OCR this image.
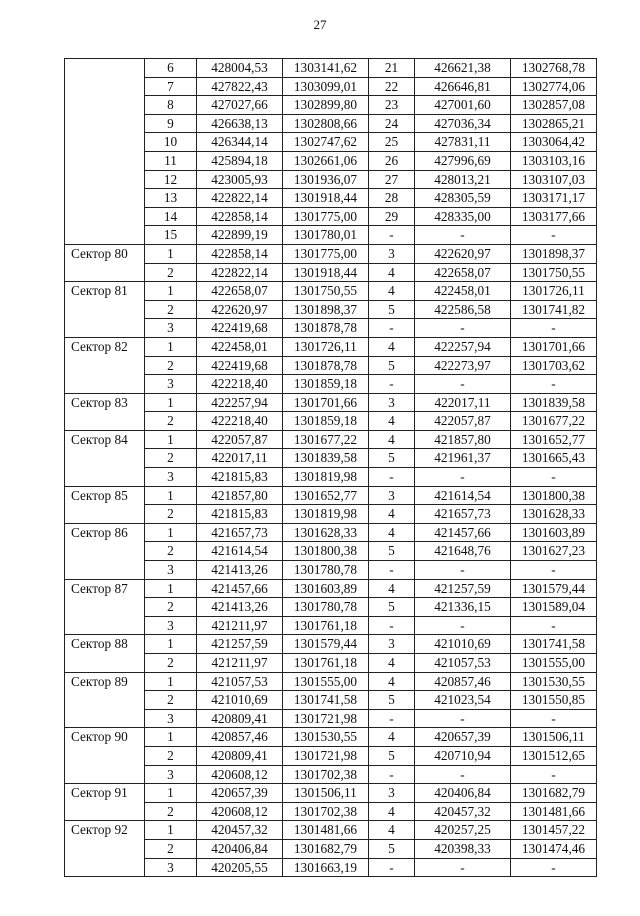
27
	6	428004,53	1303141,62	21	426621,38	1302768,78
	7	427822,43	1303099,01	22	426646,81	1302774,06
	8	427027,66	1302899,80	23	427001,60	1302857,08
	9	426638,13	1302808,66	24	427036,34	1302865,21
	10	426344,14	1302747,62	25	427831,11	1303064,42
	11	425894,18	1302661,06	26	427996,69	1303103,16
	12	423005,93	1301936,07	27	428013,21	1303107,03
	13	422822,14	1301918,44	28	428305,59	1303171,17
	14	422858,14	1301775,00	29	428335,00	1303177,66
	15	422899,19	1301780,01	-	-	-
Сектор 80	1	422858,14	1301775,00	3	422620,97	1301898,37
	2	422822,14	1301918,44	4	422658,07	1301750,55
Сектор 81	1	422658,07	1301750,55	4	422458,01	1301726,11
	2	422620,97	1301898,37	5	422586,58	1301741,82
	3	422419,68	1301878,78	-	-	-
Сектор 82	1	422458,01	1301726,11	4	422257,94	1301701,66
	2	422419,68	1301878,78	5	422273,97	1301703,62
	3	422218,40	1301859,18	-	-	-
Сектор 83	1	422257,94	1301701,66	3	422017,11	1301839,58
	2	422218,40	1301859,18	4	422057,87	1301677,22
Сектор 84	1	422057,87	1301677,22	4	421857,80	1301652,77
	2	422017,11	1301839,58	5	421961,37	1301665,43
	3	421815,83	1301819,98	-	-	-
Сектор 85	1	421857,80	1301652,77	3	421614,54	1301800,38
	2	421815,83	1301819,98	4	421657,73	1301628,33
Сектор 86	1	421657,73	1301628,33	4	421457,66	1301603,89
	2	421614,54	1301800,38	5	421648,76	1301627,23
	3	421413,26	1301780,78	-	-	-
Сектор 87	1	421457,66	1301603,89	4	421257,59	1301579,44
	2	421413,26	1301780,78	5	421336,15	1301589,04
	3	421211,97	1301761,18	-	-	-
Сектор 88	1	421257,59	1301579,44	3	421010,69	1301741,58
	2	421211,97	1301761,18	4	421057,53	1301555,00
Сектор 89	1	421057,53	1301555,00	4	420857,46	1301530,55
	2	421010,69	1301741,58	5	421023,54	1301550,85
	3	420809,41	1301721,98	-	-	-
Сектор 90	1	420857,46	1301530,55	4	420657,39	1301506,11
	2	420809,41	1301721,98	5	420710,94	1301512,65
	3	420608,12	1301702,38	-	-	-
Сектор 91	1	420657,39	1301506,11	3	420406,84	1301682,79
	2	420608,12	1301702,38	4	420457,32	1301481,66
Сектор 92	1	420457,32	1301481,66	4	420257,25	1301457,22
	2	420406,84	1301682,79	5	420398,33	1301474,46
	3	420205,55	1301663,19	-	-	-
